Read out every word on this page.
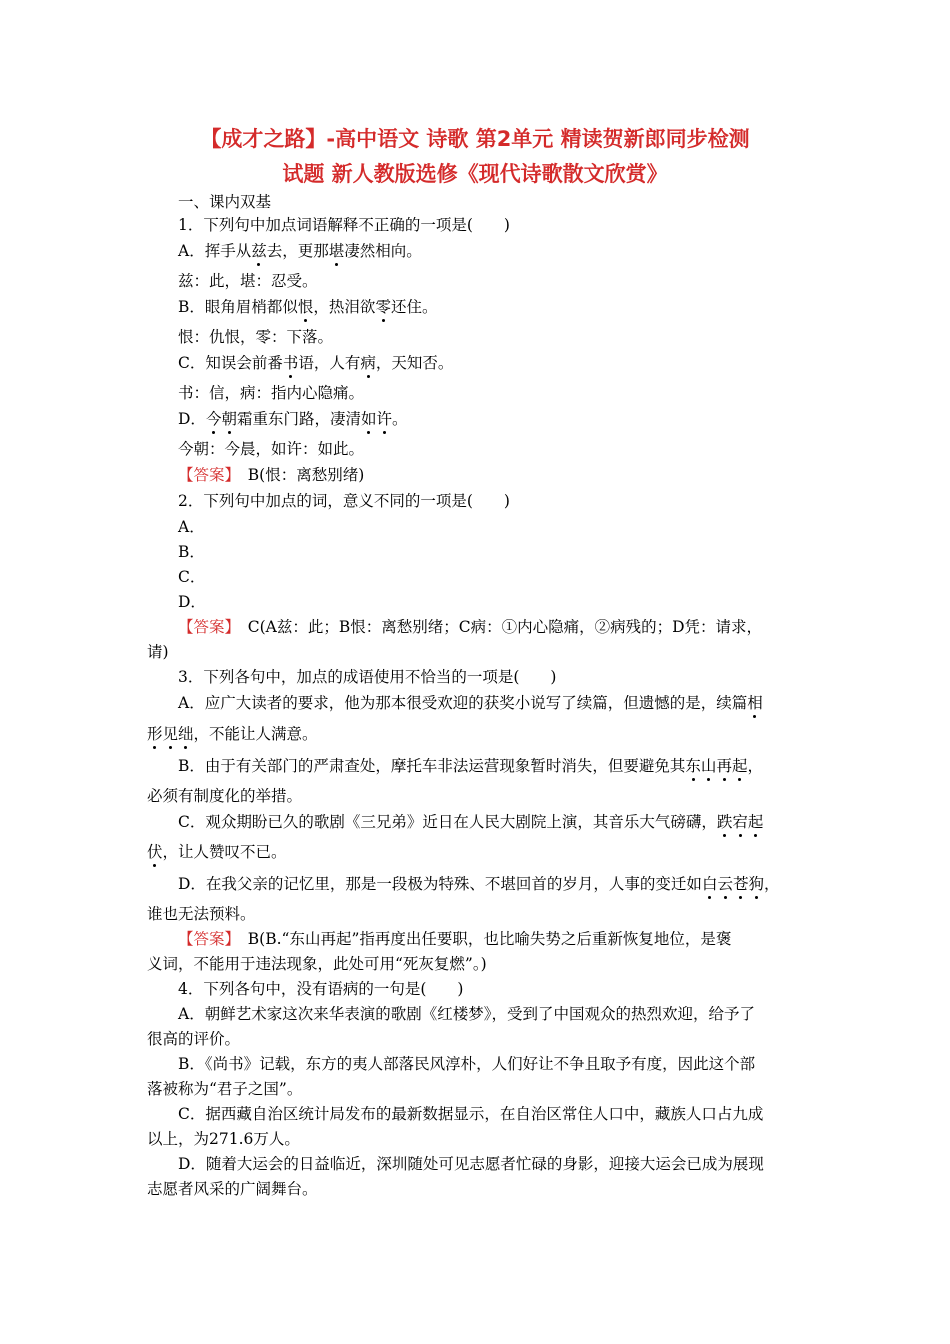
【成才之路】-高中语文 诗歌 第2单元 精读贺新郎同步检测
试题 新人教版选修《现代诗歌散文欣赏》
一、课内双基
1．下列句中加点词语解释不正确的一项是(　　)
A．挥手从兹去，更那堪凄然相向。
兹：此，堪：忍受。
B．眼角眉梢都似恨，热泪欲零还住。
恨：仇恨，零：下落。
C．知误会前番书语，人有病，天知否。
书：信，病：指内心隐痛。
D．今朝霜重东门路，凄清如许。
今朝：今晨，如许：如此。
【答案】　B(恨：离愁别绪)
2．下列句中加点的词，意义不同的一项是(　　)
A．
B．
C．
D．
【答案】　C(A兹：此；B恨：离愁别绪；C病：①内心隐痛，②病残的；D凭：请求，
请)
3．下列各句中，加点的成语使用不恰当的一项是(　　)
A．应广大读者的要求，他为那本很受欢迎的获奖小说写了续篇，但遗憾的是，续篇相
形见绌，不能让人满意。
B．由于有关部门的严肃查处，摩托车非法运营现象暂时消失，但要避免其东山再起，
必须有制度化的举措。
C．观众期盼已久的歌剧《三兄弟》近日在人民大剧院上演，其音乐大气磅礴，跌宕起
伏，让人赞叹不已。
D．在我父亲的记忆里，那是一段极为特殊、不堪回首的岁月，人事的变迁如白云苍狗，
谁也无法预料。
【答案】　B(B.“东山再起”指再度出任要职，也比喻失势之后重新恢复地位，是褒
义词，不能用于违法现象，此处可用“死灰复燃”。)
4．下列各句中，没有语病的一句是(　　)
A．朝鲜艺术家这次来华表演的歌剧《红楼梦》，受到了中国观众的热烈欢迎，给予了
很高的评价。
B．《尚书》记载，东方的夷人部落民风淳朴，人们好让不争且取予有度，因此这个部
落被称为“君子之国”。
C．据西藏自治区统计局发布的最新数据显示，在自治区常住人口中，藏族人口占九成
以上，为271.6万人。
D．随着大运会的日益临近，深圳随处可见志愿者忙碌的身影，迎接大运会已成为展现
志愿者风采的广阔舞台。
